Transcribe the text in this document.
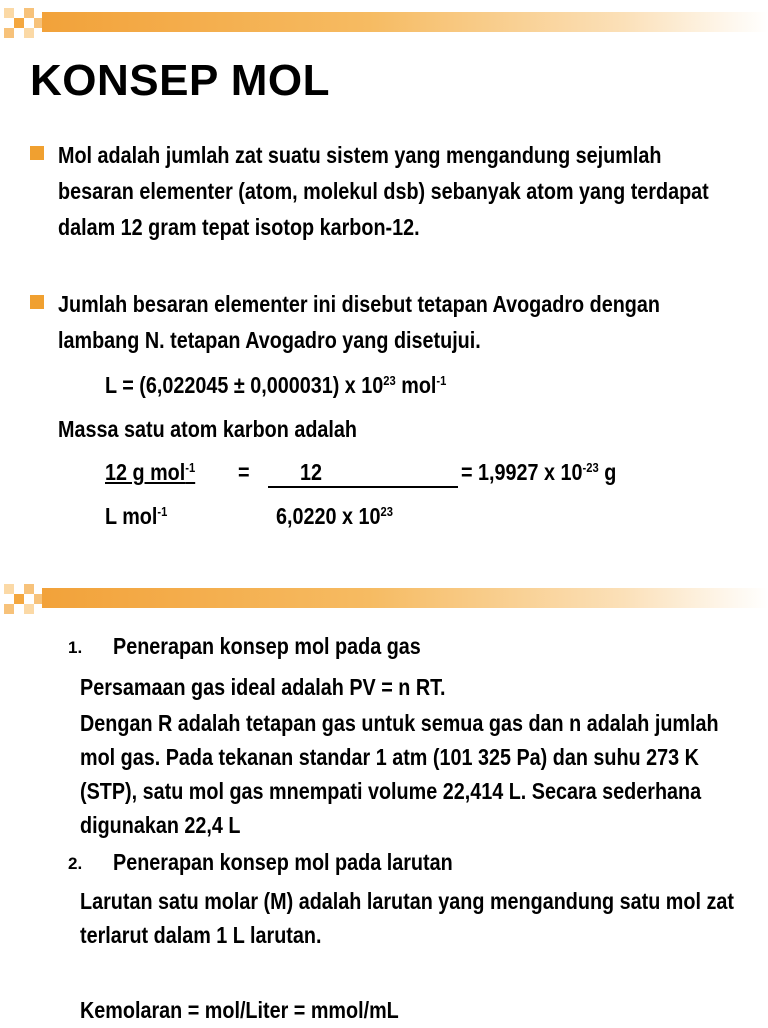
KONSEP MOL

Mol adalah jumlah zat suatu sistem yang mengandung sejumlah besaran elementer (atom, molekul dsb) sebanyak atom yang terdapat dalam 12 gram tepat isotop karbon-12.

Jumlah besaran elementer ini disebut tetapan Avogadro dengan lambang N. tetapan Avogadro yang disetujui.

L = (6,022045 ± 0,000031) x $10^{23}$ mol$^{-1}$

Massa satu atom karbon adalah

12 g mol$^{-1}$ = 12	= 1,9927 x $10^{-23}$ g

L mol$^{-1}$	6,0220 x $10^{23}$

1. Penerapan konsep mol pada gas

Persamaan gas ideal adalah PV = n RT.

Dengan R adalah tetapan gas untuk semua gas dan n adalah jumlah mol gas. Pada tekanan standar 1 atm (101 325 Pa) dan suhu 273 K (STP), satu mol gas mnempati volume 22,414 L. Secara sederhana digunakan 22,4 L

2. Penerapan konsep mol pada larutan

Larutan satu molar (M) adalah larutan yang mengandung satu mol zat terlarut dalam 1 L larutan.

Kemolaran = mol/Liter = mmol/mL
